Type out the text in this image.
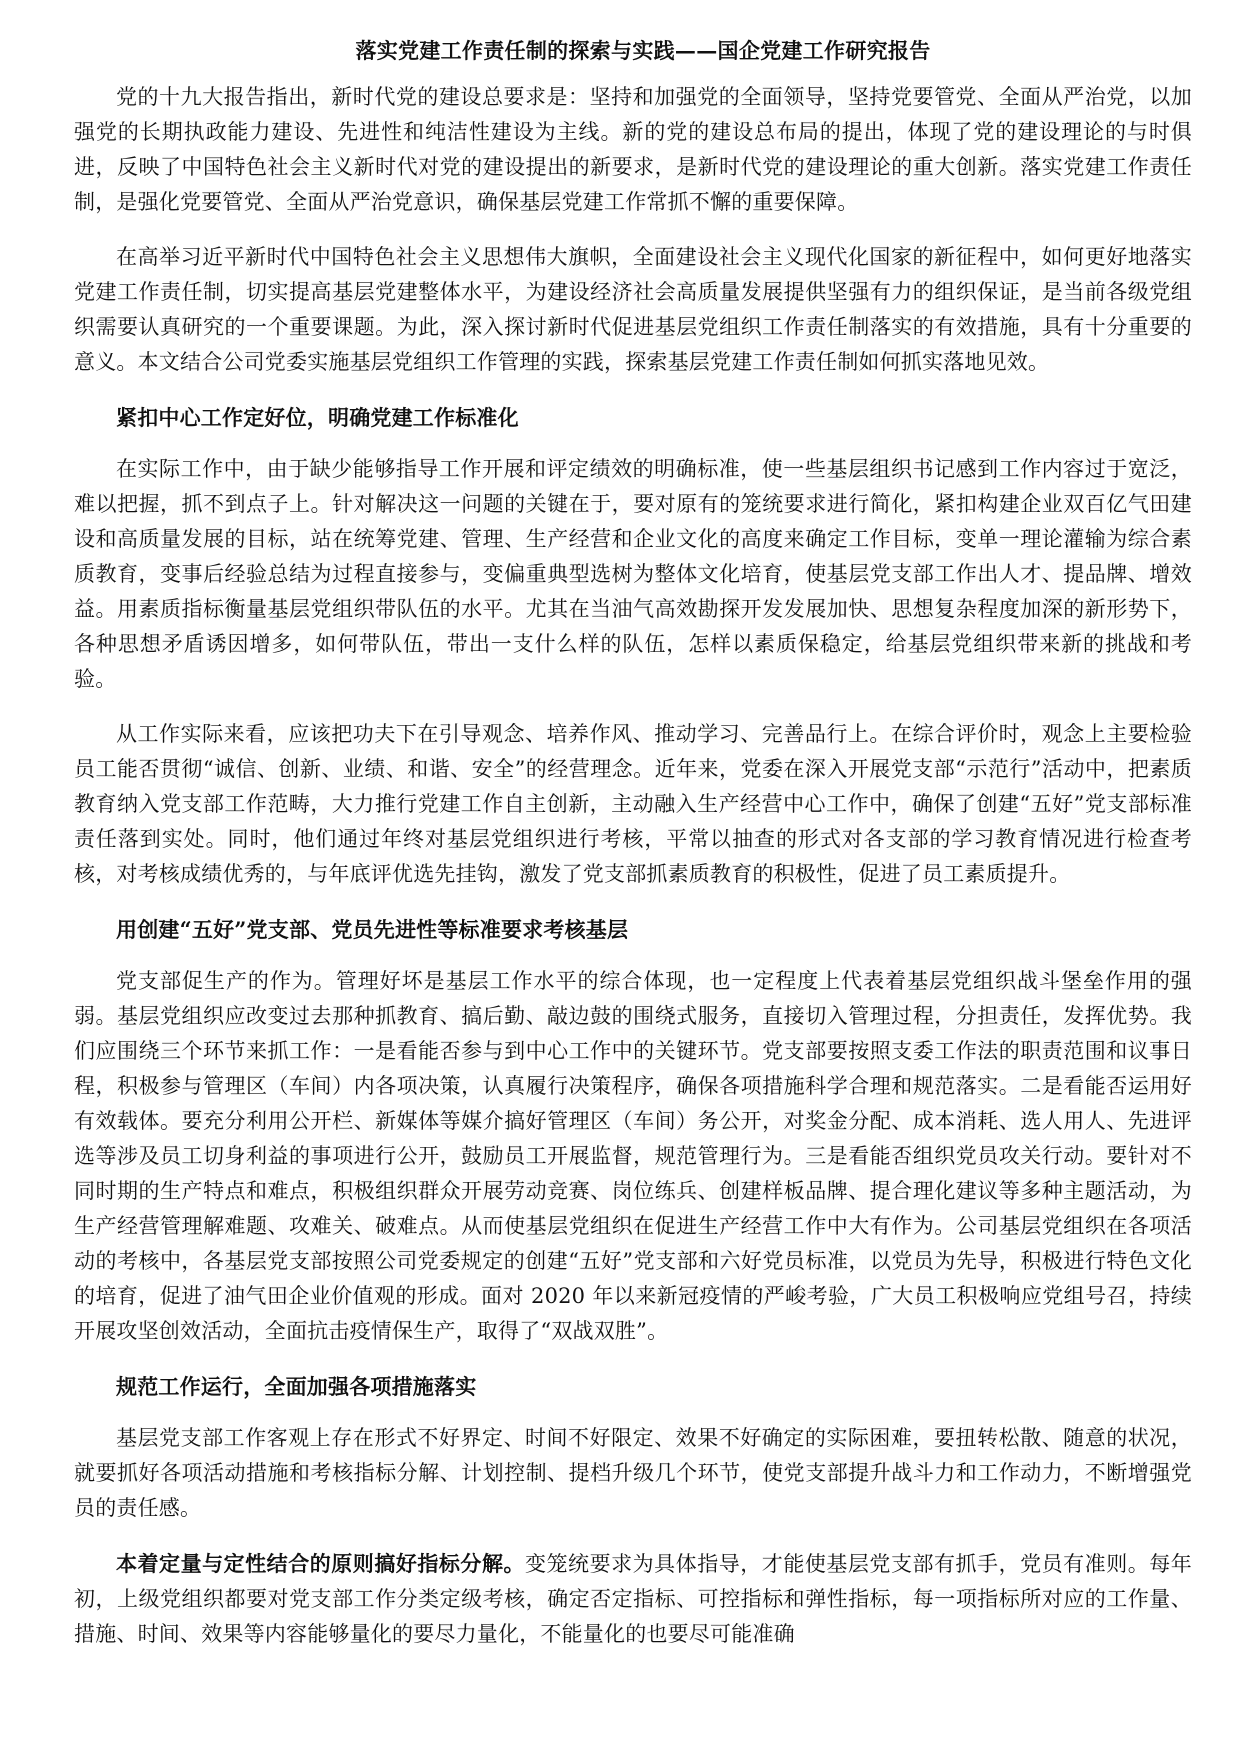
落实党建工作责任制的探索与实践——国企党建工作研究报告

党的十九大报告指出，新时代党的建设总要求是：坚持和加强党的全面领导，坚持党要管党、全面从严治党，以加强党的长期执政能力建设、先进性和纯洁性建设为主线。新的党的建设总布局的提出，体现了党的建设理论的与时俱进，反映了中国特色社会主义新时代对党的建设提出的新要求，是新时代党的建设理论的重大创新。落实党建工作责任制，是强化党要管党、全面从严治党意识，确保基层党建工作常抓不懈的重要保障。

在高举习近平新时代中国特色社会主义思想伟大旗帜，全面建设社会主义现代化国家的新征程中，如何更好地落实党建工作责任制，切实提高基层党建整体水平，为建设经济社会高质量发展提供坚强有力的组织保证，是当前各级党组织需要认真研究的一个重要课题。为此，深入探讨新时代促进基层党组织工作责任制落实的有效措施，具有十分重要的意义。本文结合公司党委实施基层党组织工作管理的实践，探索基层党建工作责任制如何抓实落地见效。

紧扣中心工作定好位，明确党建工作标准化

在实际工作中，由于缺少能够指导工作开展和评定绩效的明确标准，使一些基层组织书记感到工作内容过于宽泛，难以把握，抓不到点子上。针对解决这一问题的关键在于，要对原有的笼统要求进行简化，紧扣构建企业双百亿气田建设和高质量发展的目标，站在统筹党建、管理、生产经营和企业文化的高度来确定工作目标，变单一理论灌输为综合素质教育，变事后经验总结为过程直接参与，变偏重典型选树为整体文化培育，使基层党支部工作出人才、提品牌、增效益。用素质指标衡量基层党组织带队伍的水平。尤其在当油气高效勘探开发发展加快、思想复杂程度加深的新形势下，各种思想矛盾诱因增多，如何带队伍，带出一支什么样的队伍，怎样以素质保稳定，给基层党组织带来新的挑战和考验。

从工作实际来看，应该把功夫下在引导观念、培养作风、推动学习、完善品行上。在综合评价时，观念上主要检验员工能否贯彻“诚信、创新、业绩、和谐、安全”的经营理念。近年来，党委在深入开展党支部“示范行”活动中，把素质教育纳入党支部工作范畴，大力推行党建工作自主创新，主动融入生产经营中心工作中，确保了创建“五好”党支部标准责任落到实处。同时，他们通过年终对基层党组织进行考核，平常以抽查的形式对各支部的学习教育情况进行检查考核，对考核成绩优秀的，与年底评优选先挂钩，激发了党支部抓素质教育的积极性，促进了员工素质提升。

用创建“五好”党支部、党员先进性等标准要求考核基层

党支部促生产的作为。管理好坏是基层工作水平的综合体现，也一定程度上代表着基层党组织战斗堡垒作用的强弱。基层党组织应改变过去那种抓教育、搞后勤、敲边鼓的围绕式服务，直接切入管理过程，分担责任，发挥优势。我们应围绕三个环节来抓工作：一是看能否参与到中心工作中的关键环节。党支部要按照支委工作法的职责范围和议事日程，积极参与管理区（车间）内各项决策，认真履行决策程序，确保各项措施科学合理和规范落实。二是看能否运用好有效载体。要充分利用公开栏、新媒体等媒介搞好管理区（车间）务公开，对奖金分配、成本消耗、选人用人、先进评选等涉及员工切身利益的事项进行公开，鼓励员工开展监督，规范管理行为。三是看能否组织党员攻关行动。要针对不同时期的生产特点和难点，积极组织群众开展劳动竞赛、岗位练兵、创建样板品牌、提合理化建议等多种主题活动，为生产经营管理解难题、攻难关、破难点。从而使基层党组织在促进生产经营工作中大有作为。公司基层党组织在各项活动的考核中，各基层党支部按照公司党委规定的创建“五好”党支部和六好党员标准，以党员为先导，积极进行特色文化的培育，促进了油气田企业价值观的形成。面对 2020 年以来新冠疫情的严峻考验，广大员工积极响应党组号召，持续开展攻坚创效活动，全面抗击疫情保生产，取得了“双战双胜”。

规范工作运行，全面加强各项措施落实

基层党支部工作客观上存在形式不好界定、时间不好限定、效果不好确定的实际困难，要扭转松散、随意的状况，就要抓好各项活动措施和考核指标分解、计划控制、提档升级几个环节，使党支部提升战斗力和工作动力，不断增强党员的责任感。

本着定量与定性结合的原则搞好指标分解。变笼统要求为具体指导，才能使基层党支部有抓手，党员有准则。每年初，上级党组织都要对党支部工作分类定级考核，确定否定指标、可控指标和弹性指标，每一项指标所对应的工作量、措施、时间、效果等内容能够量化的要尽力量化，不能量化的也要尽可能准确
